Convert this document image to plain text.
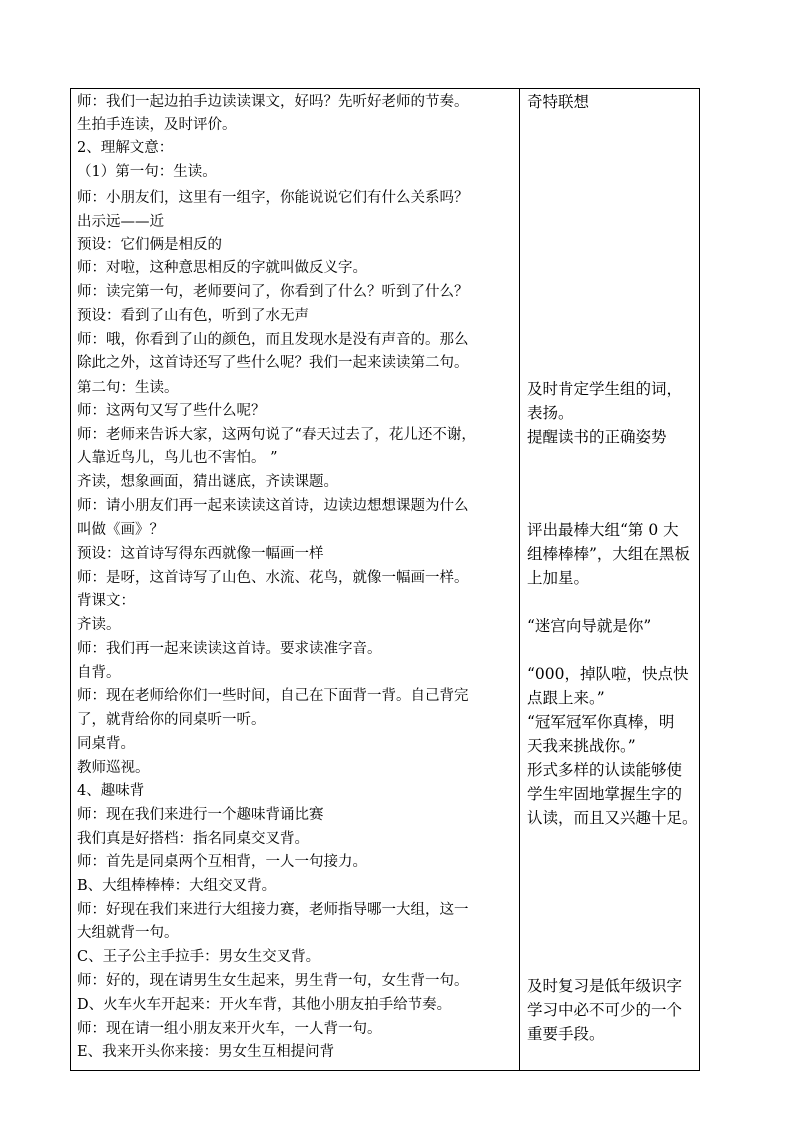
师：我们一起边拍手边读读课文，好吗？先听好老师的节奏。
生拍手连读，及时评价。
2、理解文意：
（1）第一句：生读。
师：小朋友们，这里有一组字，你能说说它们有什么关系吗？
出示远——近
预设：它们俩是相反的
师：对啦，这种意思相反的字就叫做反义字。
师：读完第一句，老师要问了，你看到了什么？听到了什么？
预设：看到了山有色，听到了水无声
师：哦，你看到了山的颜色，而且发现水是没有声音的。那么
除此之外，这首诗还写了些什么呢？我们一起来读读第二句。
第二句：生读。
师：这两句又写了些什么呢？
师：老师来告诉大家，这两句说了“春天过去了，花儿还不谢，
人靠近鸟儿，鸟儿也不害怕。 ”
齐读，想象画面，猜出谜底，齐读课题。
师：请小朋友们再一起来读读这首诗，边读边想想课题为什么
叫做《画》？
预设：这首诗写得东西就像一幅画一样
师：是呀，这首诗写了山色、水流、花鸟，就像一幅画一样。
背课文：
齐读。
师：我们再一起来读读这首诗。要求读准字音。
自背。
师：现在老师给你们一些时间，自己在下面背一背。自己背完
了，就背给你的同桌听一听。
同桌背。
教师巡视。
4、趣味背
师：现在我们来进行一个趣味背诵比赛
我们真是好搭档：指名同桌交叉背。
师：首先是同桌两个互相背，一人一句接力。
B、大组棒棒棒：大组交叉背。
师：好现在我们来进行大组接力赛，老师指导哪一大组，这一
大组就背一句。
C、王子公主手拉手：男女生交叉背。
师：好的，现在请男生女生起来，男生背一句，女生背一句。
D、火车火车开起来：开火车背，其他小朋友拍手给节奏。
师：现在请一组小朋友来开火车，一人背一句。
E、我来开头你来接：男女生互相提问背
奇特联想
及时肯定学生组的词，
表扬。
提醒读书的正确姿势
评出最棒大组“第 0 大
组棒棒棒”，大组在黑板
上加星。
“迷宫向导就是你”
“000，掉队啦，快点快
点跟上来。”
“冠军冠军你真棒，明
天我来挑战你。”
形式多样的认读能够使
学生牢固地掌握生字的
认读，而且又兴趣十足。
及时复习是低年级识字
学习中必不可少的一个
重要手段。
